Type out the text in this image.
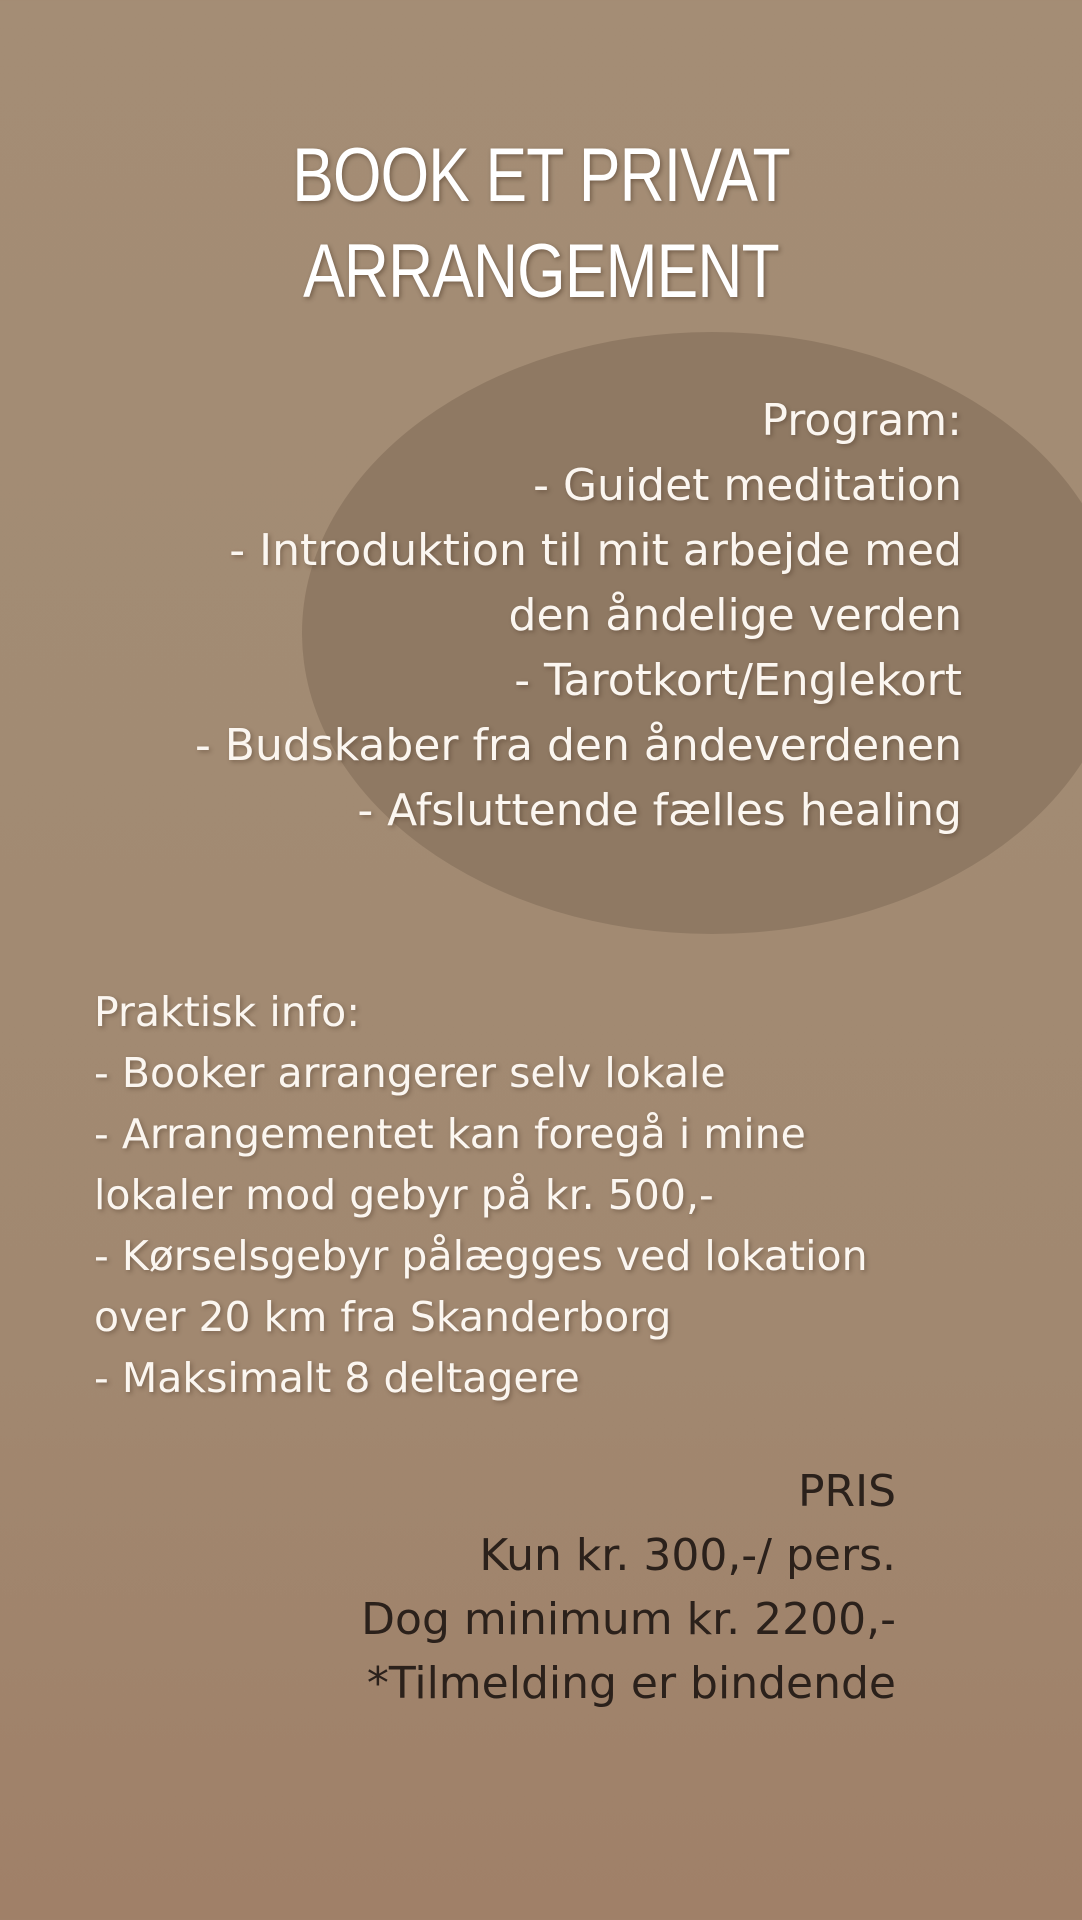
BOOK ET PRIVAT ARRANGEMENT
Program:
- Guidet meditation
- Introduktion til mit arbejde med
den åndelige verden
- Tarotkort/Englekort
- Budskaber fra den åndeverdenen
- Afsluttende fælles healing
Praktisk info:
- Booker arrangerer selv lokale
- Arrangementet kan foregå i mine
lokaler mod gebyr på kr. 500,-
- Kørselsgebyr pålægges ved lokation
over 20 km fra Skanderborg
- Maksimalt 8 deltagere
PRIS
Kun kr. 300,-/ pers.
Dog minimum kr. 2200,-
*Tilmelding er bindende
